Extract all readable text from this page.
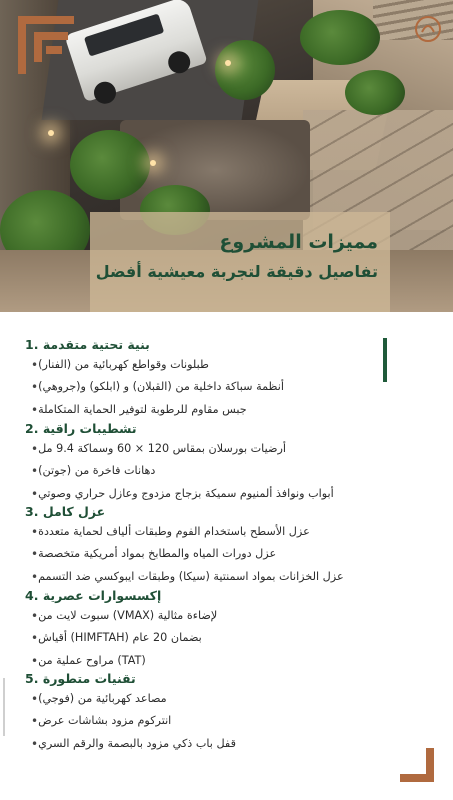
مميزات المشروع
تفاصيل دقيقة لتجربة معيشية أفضل
1. بنية تحتية متقدمة
• طبلونات وقواطع كهربائية من (الفنار)
• أنظمة سباكة داخلية من (القبلان) و (ابلكو) و(جروهي)
• جبس مقاوم للرطوبة لتوفير الحماية المتكاملة
2. تشطيبات راقية
• أرضيات بورسلان بمقاس 120 × 60 وسماكة 9.4 مل
• دهانات فاخرة من (جوتن)
• أبواب ونوافذ ألمنيوم سميكة بزجاج مزدوج وعازل حراري وصوتي
3. عزل كامل
• عزل الأسطح باستخدام الفوم وطبقات ألياف لحماية متعددة
• عزل دورات المياه والمطابخ بمواد أمريكية متخصصة
• عزل الخزانات بمواد اسمنتية (سيكا) وطبقات ايبوكسي ضد التسمم
4. إكسسوارات عصرية
• سبوت لايت من (VMAX) لإضاءة مثالية
• أقياش (HIMFTAH) بضمان 20 عام
• مراوح عملية من (TAT)
5. تقنيات متطورة
• مصاعد كهربائية من (فوجي)
• انتركوم مزود بشاشات عرض
• قفل باب ذكي مزود بالبصمة والرقم السري
